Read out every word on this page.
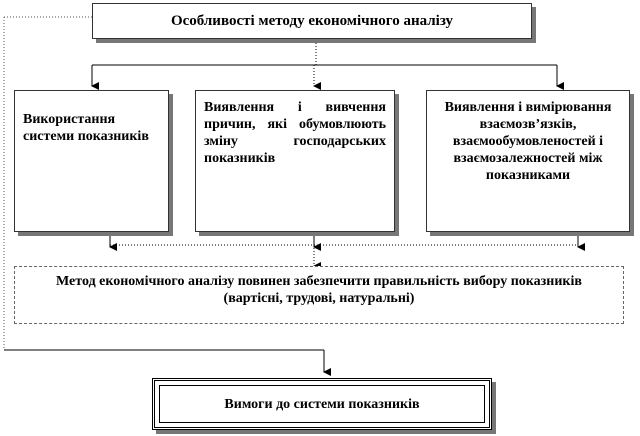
Особливості методу економічного аналізу
Використання системи показників
Виявлення і вивчення причин, які обумовлюють зміну господарських показників
Виявлення і вимірювання взаємозв’язків, взаємообумовленостей і взаємозалежностей між показниками
Метод економічного аналізу повинен забезпечити правильність вибору показників (вартісні, трудові, натуральні)
Вимоги до системи показників
